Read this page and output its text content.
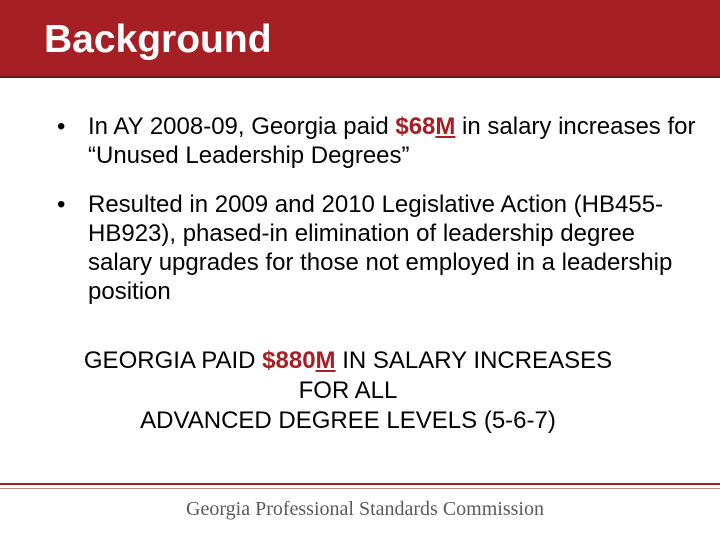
Background
• In AY 2008-09, Georgia paid $68M in salary increases for “Unused Leadership Degrees”
• Resulted in 2009 and 2010 Legislative Action (HB455-HB923), phased-in elimination of leadership degree salary upgrades for those not employed in a leadership position
GEORGIA PAID $880M IN SALARY INCREASES
FOR ALL
ADVANCED DEGREE LEVELS (5-6-7)
Georgia Professional Standards Commission
